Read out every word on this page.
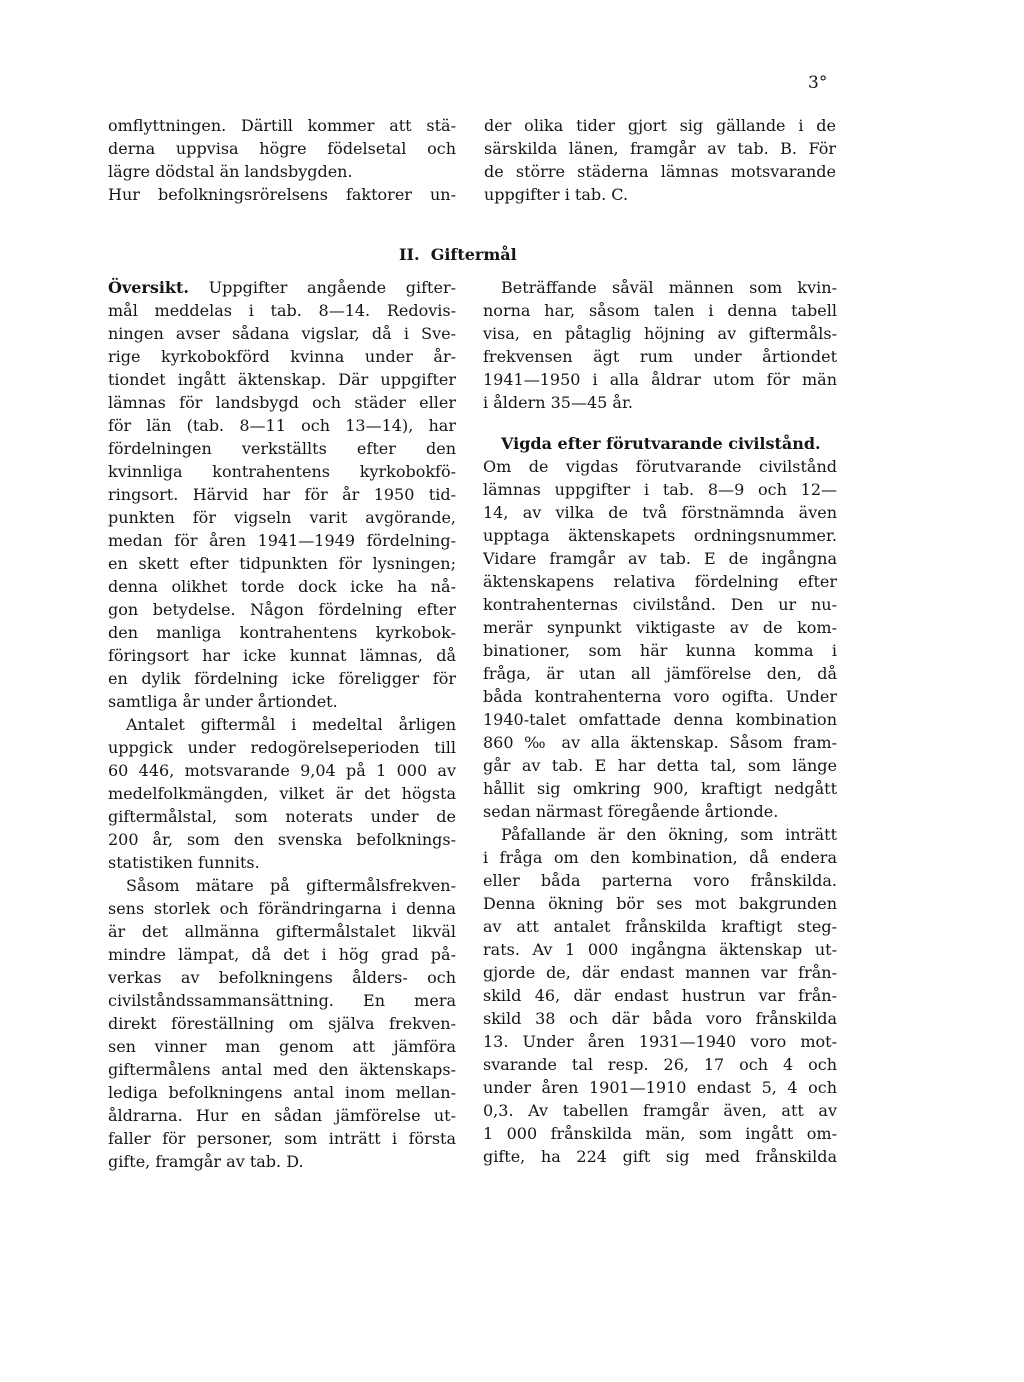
3°
omflyttningen. Därtill kommer att stä-
derna uppvisa högre födelsetal och
lägre dödstal än landsbygden.
Hur befolkningsrörelsens faktorer un-
der olika tider gjort sig gällande i de
särskilda länen, framgår av tab. B. För
de större städerna lämnas motsvarande
uppgifter i tab. C.
II. Giftermål
Översikt. Uppgifter angående gifter-
mål meddelas i tab. 8—14. Redovis-
ningen avser sådana vigslar, då i Sve-
rige kyrkobokförd kvinna under år-
tiondet ingått äktenskap. Där uppgifter
lämnas för landsbygd och städer eller
för län (tab. 8—11 och 13—14), har
fördelningen verkställts efter den
kvinnliga kontrahentens kyrkobokfö-
ringsort. Härvid har för år 1950 tid-
punkten för vigseln varit avgörande,
medan för åren 1941—1949 fördelning-
en skett efter tidpunkten för lysningen;
denna olikhet torde dock icke ha nå-
gon betydelse. Någon fördelning efter
den manliga kontrahentens kyrkobok-
föringsort har icke kunnat lämnas, då
en dylik fördelning icke föreligger för
samtliga år under årtiondet.
Antalet giftermål i medeltal årligen
uppgick under redogörelseperioden till
60 446, motsvarande 9,04 på 1 000 av
medelfolkmängden, vilket är det högsta
giftermålstal, som noterats under de
200 år, som den svenska befolknings-
statistiken funnits.
Såsom mätare på giftermålsfrekven-
sens storlek och förändringarna i denna
är det allmänna giftermålstalet likväl
mindre lämpat, då det i hög grad på-
verkas av befolkningens ålders- och
civilståndssammansättning. En mera
direkt föreställning om själva frekven-
sen vinner man genom att jämföra
giftermålens antal med den äktenskaps-
lediga befolkningens antal inom mellan-
åldrarna. Hur en sådan jämförelse ut-
faller för personer, som inträtt i första
gifte, framgår av tab. D.
Beträffande såväl männen som kvin-
norna har, såsom talen i denna tabell
visa, en påtaglig höjning av giftermåls-
frekvensen ägt rum under årtiondet
1941—1950 i alla åldrar utom för män
i åldern 35—45 år.
Vigda efter förutvarande civilstånd.
Om de vigdas förutvarande civilstånd
lämnas uppgifter i tab. 8—9 och 12—
14, av vilka de två förstnämnda även
upptaga äktenskapets ordningsnummer.
Vidare framgår av tab. E de ingångna
äktenskapens relativa fördelning efter
kontrahenternas civilstånd. Den ur nu-
merär synpunkt viktigaste av de kom-
binationer, som här kunna komma i
fråga, är utan all jämförelse den, då
båda kontrahenterna voro ogifta. Under
1940-talet omfattade denna kombination
860 ‰ av alla äktenskap. Såsom fram-
går av tab. E har detta tal, som länge
hållit sig omkring 900, kraftigt nedgått
sedan närmast föregående årtionde.
Påfallande är den ökning, som inträtt
i fråga om den kombination, då endera
eller båda parterna voro frånskilda.
Denna ökning bör ses mot bakgrunden
av att antalet frånskilda kraftigt steg-
rats. Av 1 000 ingångna äktenskap ut-
gjorde de, där endast mannen var från-
skild 46, där endast hustrun var från-
skild 38 och där båda voro frånskilda
13. Under åren 1931—1940 voro mot-
svarande tal resp. 26, 17 och 4 och
under åren 1901—1910 endast 5, 4 och
0,3. Av tabellen framgår även, att av
1 000 frånskilda män, som ingått om-
gifte, ha 224 gift sig med frånskilda
